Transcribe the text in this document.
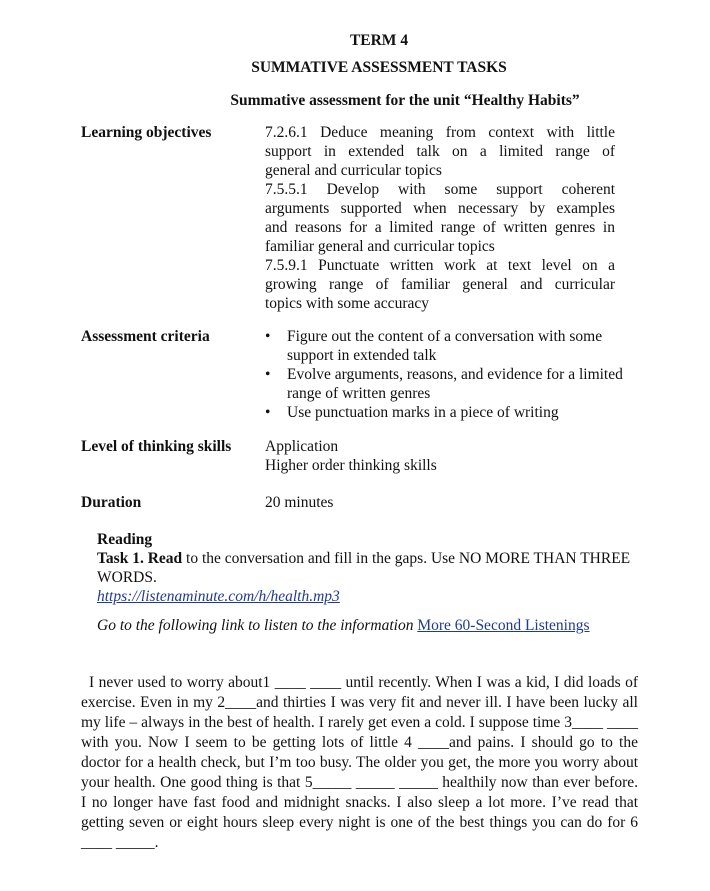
TERM 4
SUMMATIVE ASSESSMENT TASKS
Summative assessment for the unit “Healthy Habits”
Learning objectives	7.2.6.1 Deduce meaning from context with little
support in extended talk on a limited range of
general and curricular topics
7.5.5.1 Develop with some support coherent
arguments supported when necessary by examples
and reasons for a limited range of written genres in
familiar general and curricular topics
7.5.9.1 Punctuate written work at text level on a
growing range of familiar general and curricular
topics with some accuracy
Assessment criteria
•	Figure out the content of a conversation with some support in extended talk
• Evolve arguments, reasons, and evidence for a limited range of written genres
• Use punctuation marks in a piece of writing
Level of thinking skills Application
Higher order thinking skills
Duration	20 minutes
Reading
Task 1. Read to the conversation and fill in the gaps. Use NO MORE THAN THREE WORDS.
https://listenaminute.com/h/health.mp3
Go to the following link to listen to the information More 60-Second Listenings

I never used to worry about1 ____ ____ until recently. When I was a kid, I did loads of exercise. Even in my 2____and thirties I was very fit and never ill. I have been lucky all my life – always in the best of health. I rarely get even a cold. I suppose time 3____ ____ with you. Now I seem to be getting lots of little 4 ____and pains. I should go to the doctor for a health check, but I’m too busy. The older you get, the more you worry about your health. One good thing is that 5_____ _____ _____ healthily now than ever before. I no longer have fast food and midnight snacks. I also sleep a lot more. I’ve read that getting seven or eight hours sleep every night is one of the best things you can do for 6 ____ _____.
